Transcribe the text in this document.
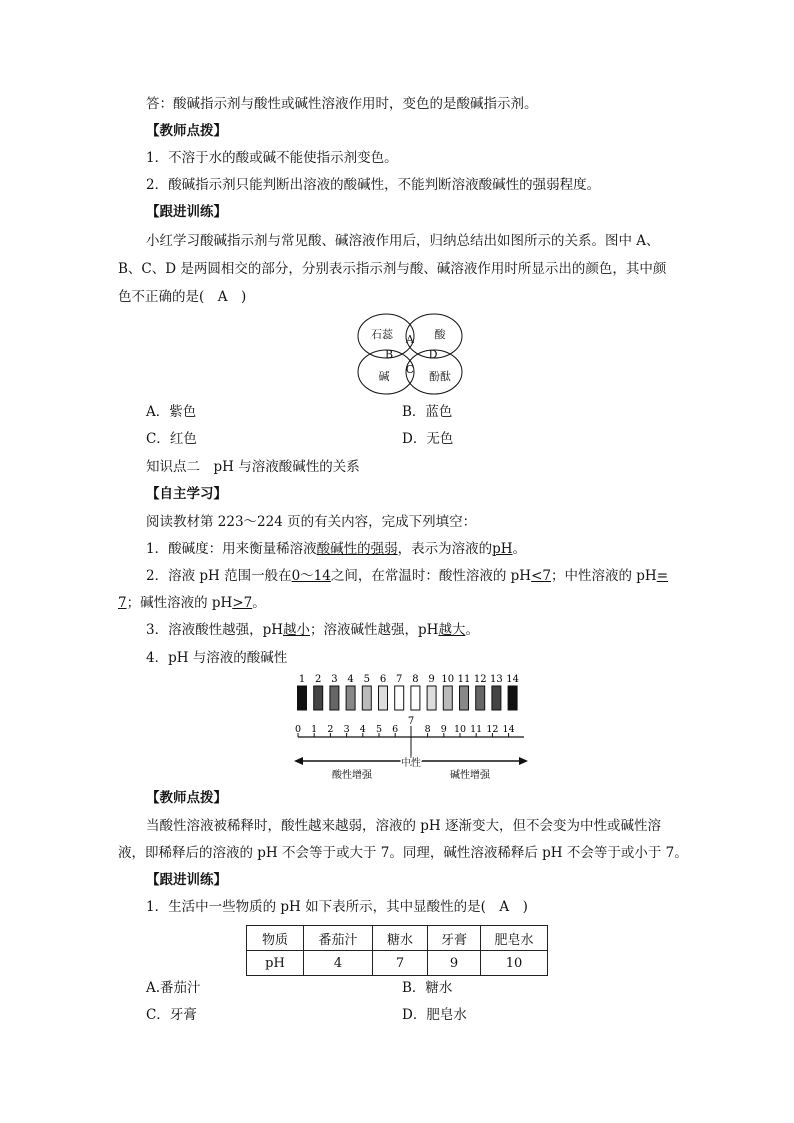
答：酸碱指示剂与酸性或碱性溶液作用时，变色的是酸碱指示剂。
【教师点拨】
1．不溶于水的酸或碱不能使指示剂变色。
2．酸碱指示剂只能判断出溶液的酸碱性，不能判断溶液酸碱性的强弱程度。
【跟进训练】
小红学习酸碱指示剂与常见酸、碱溶液作用后，归纳总结出如图所示的关系。图中 A、
B、C、D 是两圆相交的部分，分别表示指示剂与酸、碱溶液作用时所显示出的颜色，其中颜
色不正确的是(　A　)
石蕊	酸
碱	酚酞
A
B
C
D
A．紫色	B．蓝色
C．红色	D．无色
知识点二　pH 与溶液酸碱性的关系
【自主学习】
阅读教材第 223～224 页的有关内容，完成下列填空：
1．酸碱度：用来衡量稀溶液酸碱性的强弱，表示为溶液的pH。
2．溶液 pH 范围一般在0～14之间，在常温时：酸性溶液的 pH<7；中性溶液的 pH=
7；碱性溶液的 pH>7。
3．溶液酸性越强，pH越小；溶液碱性越强，pH越大。
4．pH 与溶液的酸碱性
1 2 3 4 5 6 7 8 9 10 11 12 13 14
7
0 1 2 3 4 5 6	8 9 10 11 12 14
中性
酸性增强	碱性增强
【教师点拨】
当酸性溶液被稀释时，酸性越来越弱，溶液的 pH 逐渐变大，但不会变为中性或碱性溶
液，即稀释后的溶液的 pH 不会等于或大于 7。同理，碱性溶液稀释后 pH 不会等于或小于 7。
【跟进训练】
1．生活中一些物质的 pH 如下表所示，其中显酸性的是(　A　)
物质	番茄汁	糖水	牙膏	肥皂水
pH	4	7	9	10
A.番茄汁	B．糖水
C．牙膏	D．肥皂水
